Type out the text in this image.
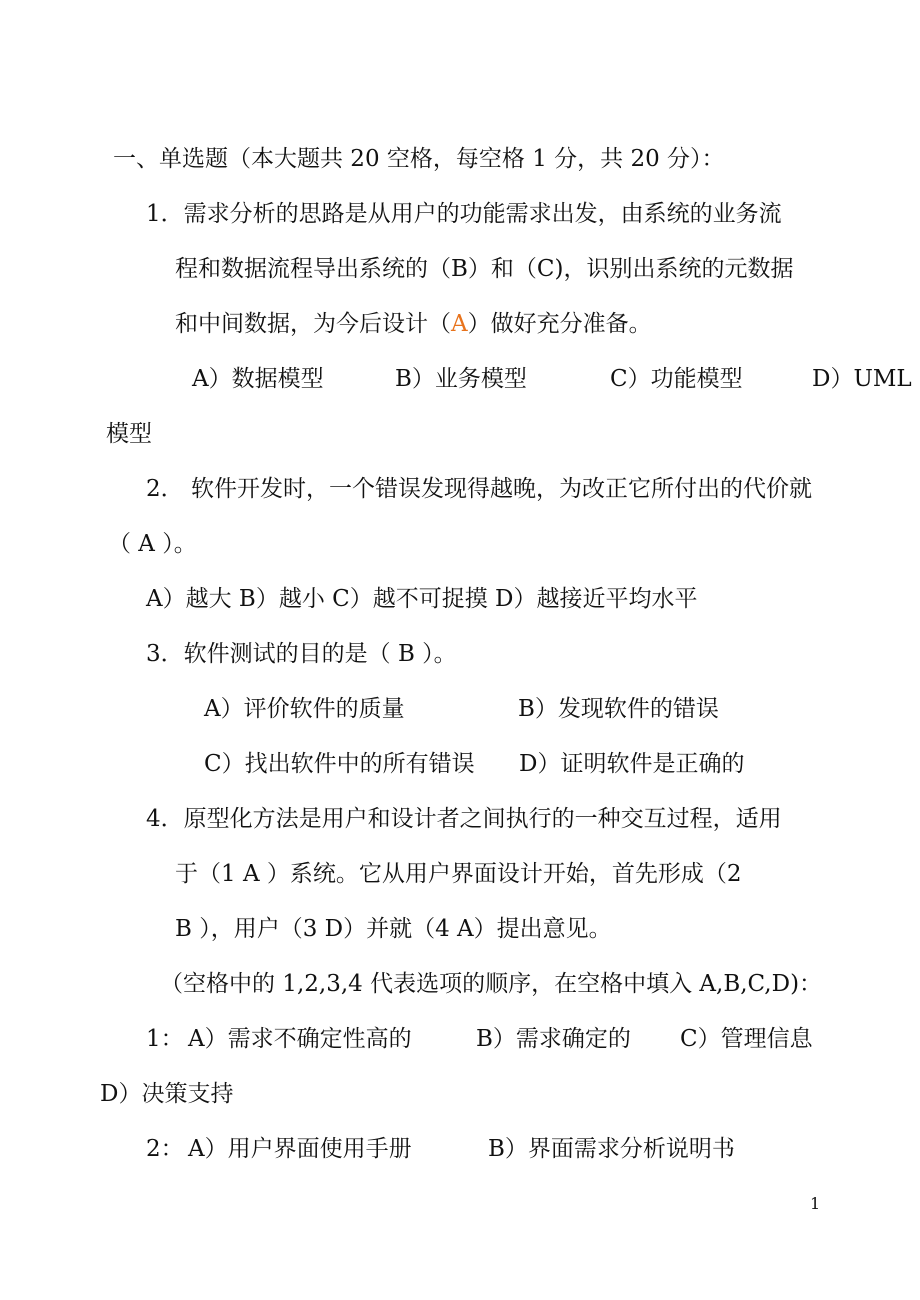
一、单选题（本大题共 20 空格，每空格 1 分，共 20 分）：
1．需求分析的思路是从用户的功能需求出发，由系统的业务流
程和数据流程导出系统的（B）和（C)，识别出系统的元数据
和中间数据，为今后设计（A）做好充分准备。
A）数据模型	B）业务模型	C）功能模型	D）UML
模型
2． 软件开发时，一个错误发现得越晚，为改正它所付出的代价就
（ A ）。
A）越大 B）越小 C）越不可捉摸 D）越接近平均水平
3．软件测试的目的是（ B ）。
A）评价软件的质量	B）发现软件的错误
C）找出软件中的所有错误 D）证明软件是正确的
4．原型化方法是用户和设计者之间执行的一种交互过程，适用
于（1 A ）系统。它从用户界面设计开始，首先形成（2
B ），用户（3 D）并就（4 A）提出意见。
（空格中的 1,2,3,4 代表选项的顺序，在空格中填入 A,B,C,D)：
1： A）需求不确定性高的	B）需求确定的 C）管理信息
D）决策支持
2： A）用户界面使用手册	B）界面需求分析说明书
1
